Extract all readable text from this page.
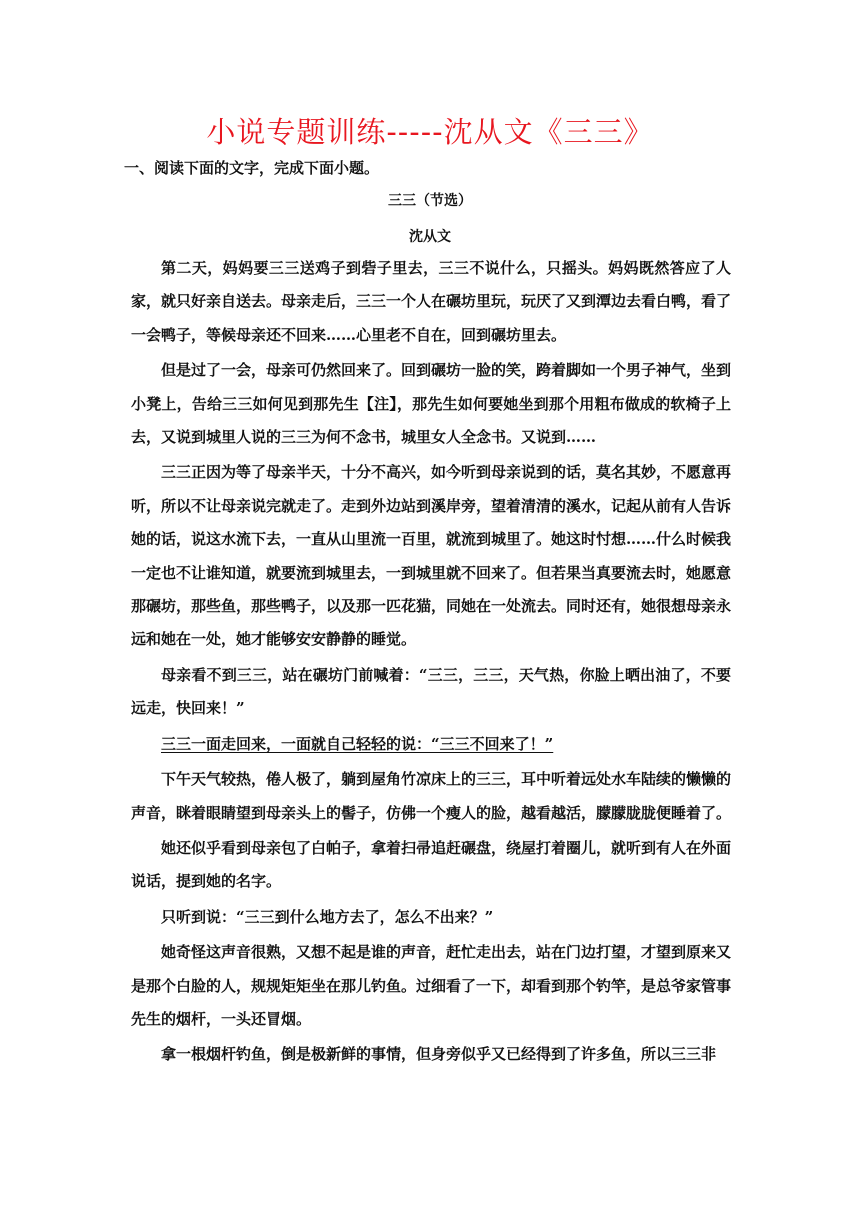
小说专题训练-----沈从文《三三》
一、阅读下面的文字，完成下面小题。
三三（节选）
沈从文

第二天，妈妈要三三送鸡子到砦子里去，三三不说什么，只摇头。妈妈既然答应了人家，就只好亲自送去。母亲走后，三三一个人在碾坊里玩，玩厌了又到潭边去看白鸭，看了一会鸭子，等候母亲还不回来……心里老不自在，回到碾坊里去。

但是过了一会，母亲可仍然回来了。回到碾坊一脸的笑，跨着脚如一个男子神气，坐到小凳上，告给三三如何见到那先生【注】，那先生如何要她坐到那个用粗布做成的软椅子上去，又说到城里人说的三三为何不念书，城里女人全念书。又说到……

三三正因为等了母亲半天，十分不高兴，如今听到母亲说到的话，莫名其妙，不愿意再听，所以不让母亲说完就走了。走到外边站到溪岸旁，望着清清的溪水，记起从前有人告诉她的话，说这水流下去，一直从山里流一百里，就流到城里了。她这时忖想……什么时候我一定也不让谁知道，就要流到城里去，一到城里就不回来了。但若果当真要流去时，她愿意那碾坊，那些鱼，那些鸭子，以及那一匹花猫，同她在一处流去。同时还有，她很想母亲永远和她在一处，她才能够安安静静的睡觉。

母亲看不到三三，站在碾坊门前喊着：“三三，三三，天气热，你脸上晒出油了，不要远走，快回来！”

三三一面走回来，一面就自己轻轻的说：“三三不回来了！”

下午天气较热，倦人极了，躺到屋角竹凉床上的三三，耳中听着远处水车陆续的懒懒的声音，眯着眼睛望到母亲头上的髻子，仿佛一个瘦人的脸，越看越活，朦朦胧胧便睡着了。

她还似乎看到母亲包了白帕子，拿着扫帚追赶碾盘，绕屋打着圈儿，就听到有人在外面说话，提到她的名字。

只听到说：“三三到什么地方去了，怎么不出来？”

她奇怪这声音很熟，又想不起是谁的声音，赶忙走出去，站在门边打望，才望到原来又是那个白脸的人，规规矩矩坐在那儿钓鱼。过细看了一下，却看到那个钓竿，是总爷家管事先生的烟杆，一头还冒烟。

拿一根烟杆钓鱼，倒是极新鲜的事情，但身旁似乎又已经得到了许多鱼，所以三三非
